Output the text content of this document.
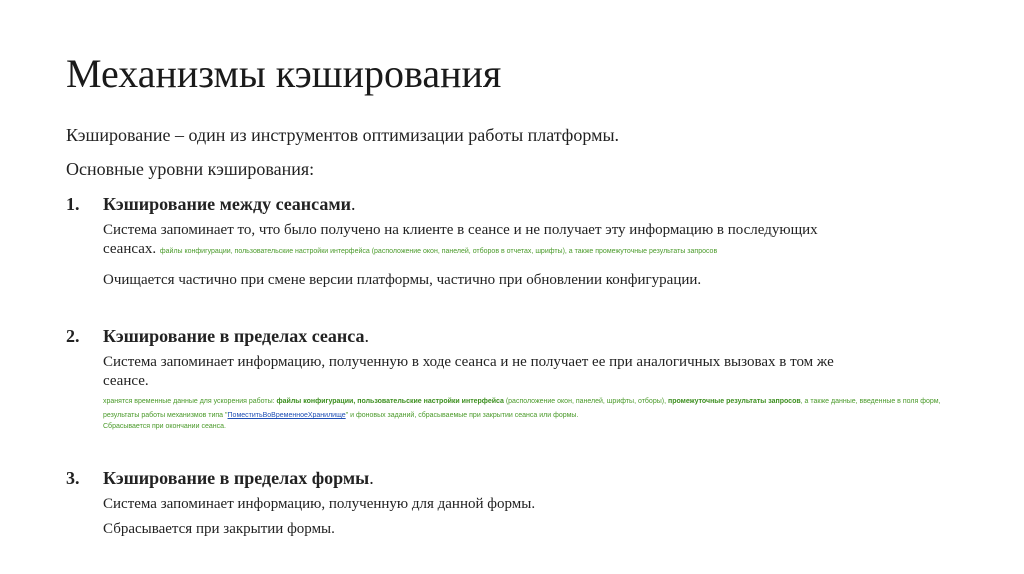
Механизмы кэширования
Кэширование – один из инструментов оптимизации работы платформы.
Основные уровни кэширования:
1. Кэширование между сеансами.
Система запоминает то, что было получено на клиенте в сеансе и не получает эту информацию в последующих
сеансах. файлы конфигурации, пользовательские настройки интерфейса (расположение окон, панелей, отборов в отчетах, шрифты), а также промежуточные результаты запросов
Очищается частично при смене версии платформы, частично при обновлении конфигурации.
2. Кэширование в пределах сеанса.
Система запоминает информацию, полученную в ходе сеанса и не получает ее при аналогичных вызовах в том же
сеансе.
хранятся временные данные для ускорения работы: файлы конфигурации, пользовательские настройки интерфейса (расположение окон, панелей, шрифты, отборы), промежуточные результаты запросов, а также данные, введенные в поля форм, результаты работы механизмов типа "ПоместитьВоВременноеХранилище" и фоновых заданий, сбрасываемые при закрытии сеанса или формы.
Сбрасывается при окончании сеанса.
3. Кэширование в пределах формы.
Система запоминает информацию, полученную для данной формы.
Сбрасывается при закрытии формы.
